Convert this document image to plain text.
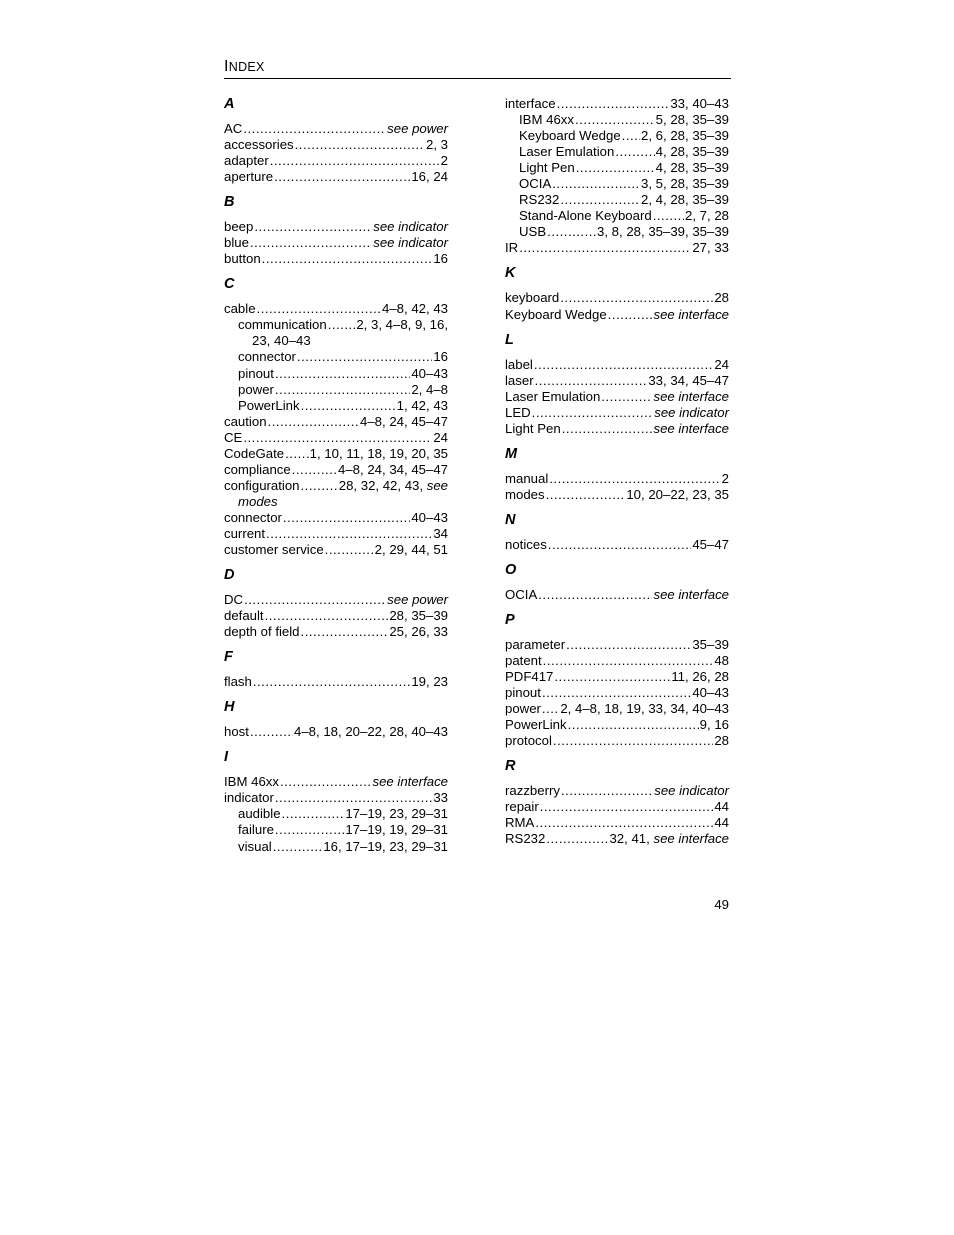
INDEX
A
AC .....	see power
accessories .....	2, 3
adapter .....	2
aperture .....	16, 24
B
beep .....	see indicator
blue .....	see indicator
button .....	16
C
cable .....	4–8, 42, 43
communication ..... 2, 3, 4–8, 9, 16,
23, 40–43
connector .....	16
pinout .....	40–43
power .....	2, 4–8
PowerLink .....	1, 42, 43
caution .....	4–8, 24, 45–47
CE .....	24
CodeGate ..... 1, 10, 11, 18, 19, 20, 35
compliance .....	4–8, 24, 34, 45–47
configuration .....	28, 32, 42, 43, see
modes
connector .....	40–43
current .....	34
customer service .....	2, 29, 44, 51
D
DC .....	see power
default .....	28, 35–39
depth of field .....	25, 26, 33
F
flash .....	19, 23
H
host .....	4–8, 18, 20–22, 28, 40–43
I
IBM 46xx .....	see interface
indicator .....	33
audible .....	17–19, 23, 29–31
failure .....	17–19, 19, 29–31
visual .....	16, 17–19, 23, 29–31
interface .....	33, 40–43
IBM 46xx .....	5, 28, 35–39
Keyboard Wedge ..... 2, 6, 28, 35–39
Laser Emulation .....	4, 28, 35–39
Light Pen .....	4, 28, 35–39
OCIA .....	3, 5, 28, 35–39
RS232 .....	2, 4, 28, 35–39
Stand-Alone Keyboard .....	2, 7, 28
USB .....	3, 8, 28, 35–39, 35–39
IR .....	27, 33
K
keyboard .....	28
Keyboard Wedge .....	see interface
L
label .....	24
laser .....	33, 34, 45–47
Laser Emulation .....	see interface
LED .....	see indicator
Light Pen .....	see interface
M
manual .....	2
modes .....	10, 20–22, 23, 35
N
notices .....	45–47
O
OCIA .....	see interface
P
parameter .....	35–39
patent .....	48
PDF417 .....	11, 26, 28
pinout .....	40–43
power ..... 2, 4–8, 18, 19, 33, 34, 40–43
PowerLink .....	9, 16
protocol .....	28
R
razzberry .....	see indicator
repair .....	44
RMA .....	44
RS232 .....	32, 41, see interface
49
